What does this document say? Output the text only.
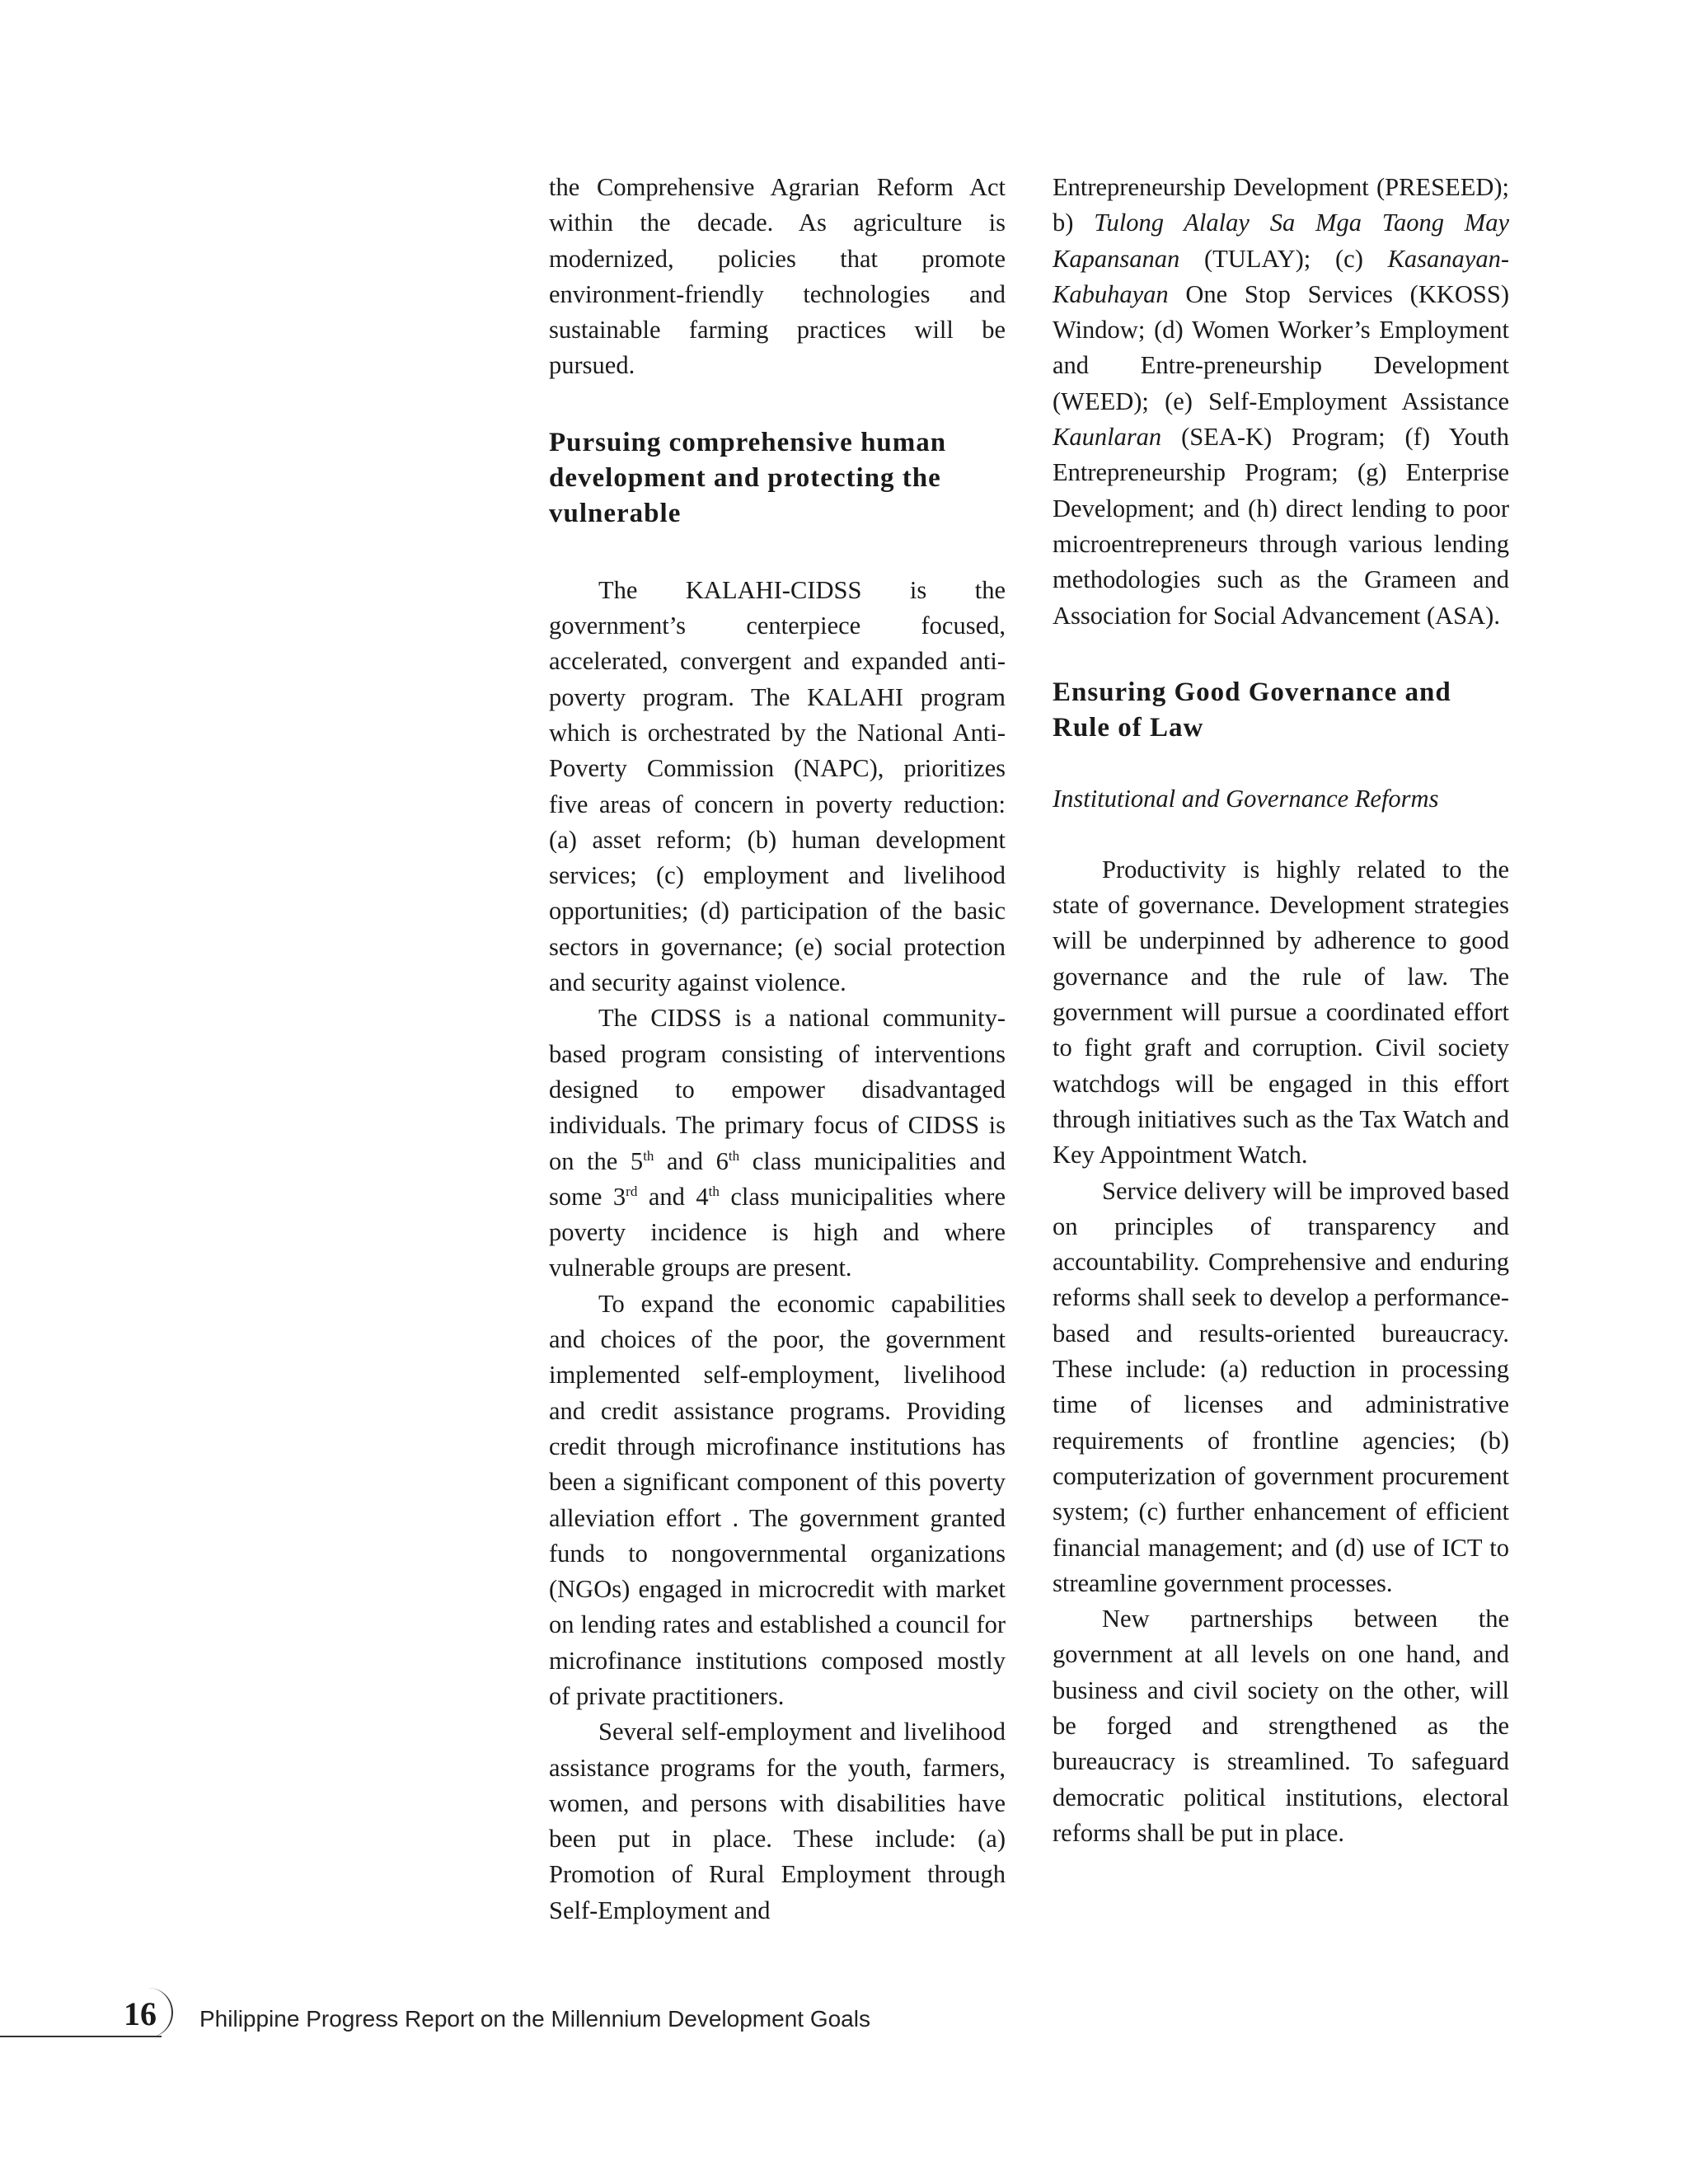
the Comprehensive Agrarian Reform Act within the decade. As agriculture is modernized, policies that promote environment-friendly technologies and sustainable farming practices will be pursued.

Pursuing comprehensive human development and protecting the vulnerable

The KALAHI-CIDSS is the government’s centerpiece focused, accelerated, convergent and expanded anti-poverty program. The KALAHI program which is orchestrated by the National Anti-Poverty Commission (NAPC), prioritizes five areas of concern in poverty reduction: (a) asset reform; (b) human development services; (c) employment and livelihood opportunities; (d) participation of the basic sectors in governance; (e) social protection and security against violence.

The CIDSS is a national community-based program consisting of interventions designed to empower disadvantaged individuals. The primary focus of CIDSS is on the 5th and 6th class municipalities and some 3rd and 4th class municipalities where poverty incidence is high and where vulnerable groups are present.

To expand the economic capabilities and choices of the poor, the government implemented self-employment, livelihood and credit assistance programs. Providing credit through microfinance institutions has been a significant component of this poverty alleviation effort . The government granted funds to nongovernmental organizations (NGOs) engaged in microcredit with market on lending rates and established a council for microfinance institutions composed mostly of private practitioners.

Several self-employment and livelihood assistance programs for the youth, farmers, women, and persons with disabilities have been put in place. These include: (a) Promotion of Rural Employment through Self-Employment and

Entrepreneurship Development (PRESEED); b) Tulong Alalay Sa Mga Taong May Kapansanan (TULAY); (c) Kasanayan-Kabuhayan One Stop Services (KKOSS) Window; (d) Women Worker’s Employment and Entre-preneurship Development (WEED); (e) Self-Employment Assistance Kaunlaran (SEA-K) Program; (f) Youth Entrepreneurship Program; (g) Enterprise Development; and (h) direct lending to poor microentrepreneurs through various lending methodologies such as the Grameen and Association for Social Advancement (ASA).

Ensuring Good Governance and Rule of Law
Institutional and Governance Reforms

Productivity is highly related to the state of governance. Development strategies will be underpinned by adherence to good governance and the rule of law. The government will pursue a coordinated effort to fight graft and corruption. Civil society watchdogs will be engaged in this effort through initiatives such as the Tax Watch and Key Appointment Watch.

Service delivery will be improved based on principles of transparency and accountability. Comprehensive and enduring reforms shall seek to develop a performance-based and results-oriented bureaucracy. These include: (a) reduction in processing time of licenses and administrative requirements of frontline agencies; (b) computerization of government procurement system; (c) further enhancement of efficient financial management; and (d) use of ICT to streamline government processes.

New partnerships between the government at all levels on one hand, and business and civil society on the other, will be forged and strengthened as the bureaucracy is streamlined. To safeguard democratic political institutions, electoral reforms shall be put in place.

16 Philippine Progress Report on the Millennium Development Goals
